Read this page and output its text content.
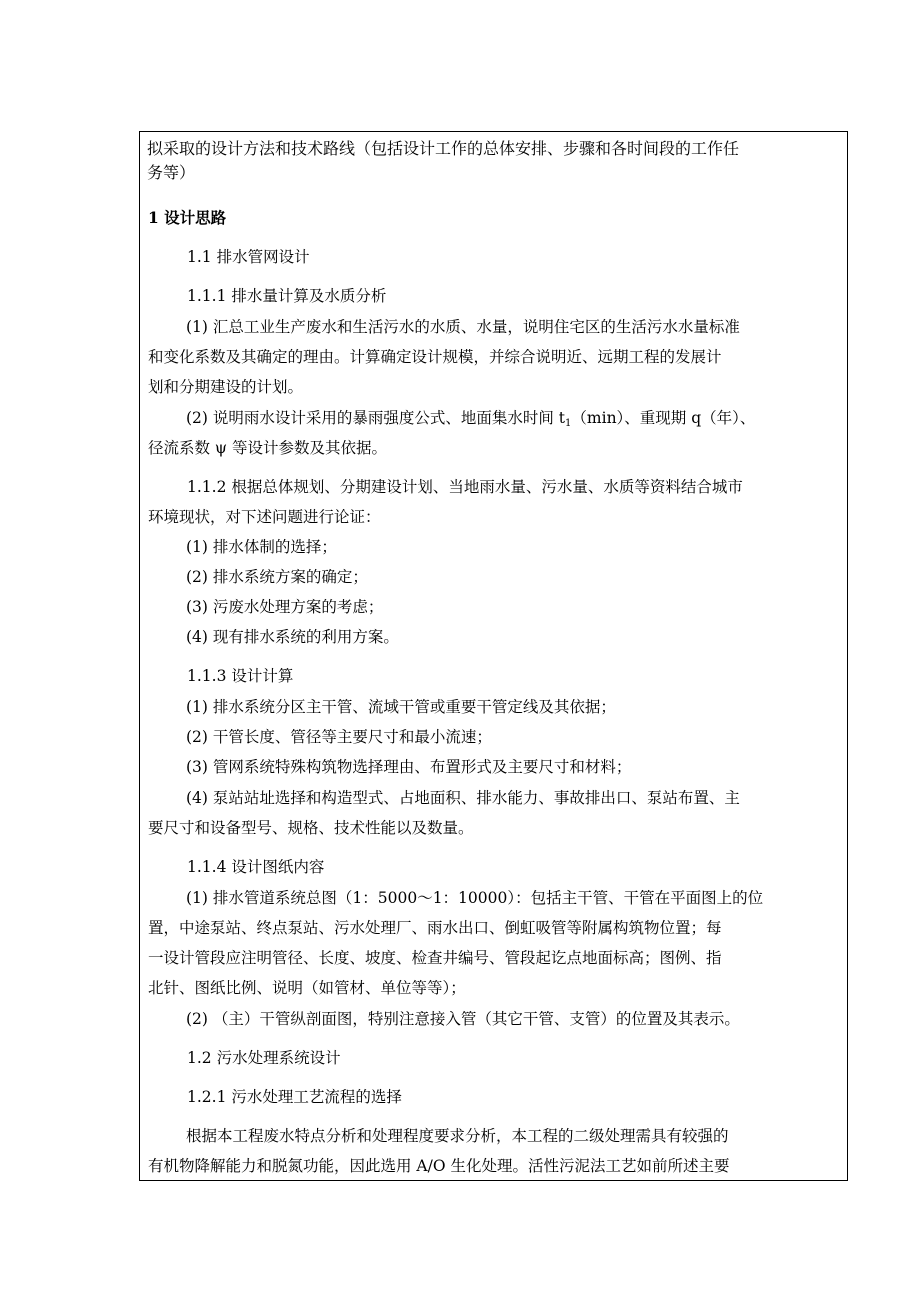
拟采取的设计方法和技术路线（包括设计工作的总体安排、步骤和各时间段的工作任
务等）
1 设计思路
1.1 排水管网设计
1.1.1 排水量计算及水质分析
(1) 汇总工业生产废水和生活污水的水质、水量，说明住宅区的生活污水水量标准
和变化系数及其确定的理由。计算确定设计规模，并综合说明近、远期工程的发展计
划和分期建设的计划。
(2) 说明雨水设计采用的暴雨强度公式、地面集水时间 $t_1(\min)$、重现期 q（年）、
径流系数 ψ 等设计参数及其依据。
1.1.2 根据总体规划、分期建设计划、当地雨水量、污水量、水质等资料结合城市
环境现状，对下述问题进行论证：
(1) 排水体制的选择；
(2) 排水系统方案的确定；
(3) 污废水处理方案的考虑；
(4) 现有排水系统的利用方案。
1.1.3 设计计算
(1) 排水系统分区主干管、流域干管或重要干管定线及其依据；
(2) 干管长度、管径等主要尺寸和最小流速；
(3) 管网系统特殊构筑物选择理由、布置形式及主要尺寸和材料；
(4) 泵站站址选择和构造型式、占地面积、排水能力、事故排出口、泵站布置、主
要尺寸和设备型号、规格、技术性能以及数量。
1.1.4 设计图纸内容
(1) 排水管道系统总图（1：5000～1：10000）：包括主干管、干管在平面图上的位
置，中途泵站、终点泵站、污水处理厂、雨水出口、倒虹吸管等附属构筑物位置；每
一设计管段应注明管径、长度、坡度、检查井编号、管段起讫点地面标高；图例、指
北针、图纸比例、说明（如管材、单位等等）；
(2) （主）干管纵剖面图，特别注意接入管（其它干管、支管）的位置及其表示。
1.2 污水处理系统设计
1.2.1 污水处理工艺流程的选择
根据本工程废水特点分析和处理程度要求分析，本工程的二级处理需具有较强的
有机物降解能力和脱氮功能，因此选用 A/O 生化处理。活性污泥法工艺如前所述主要
